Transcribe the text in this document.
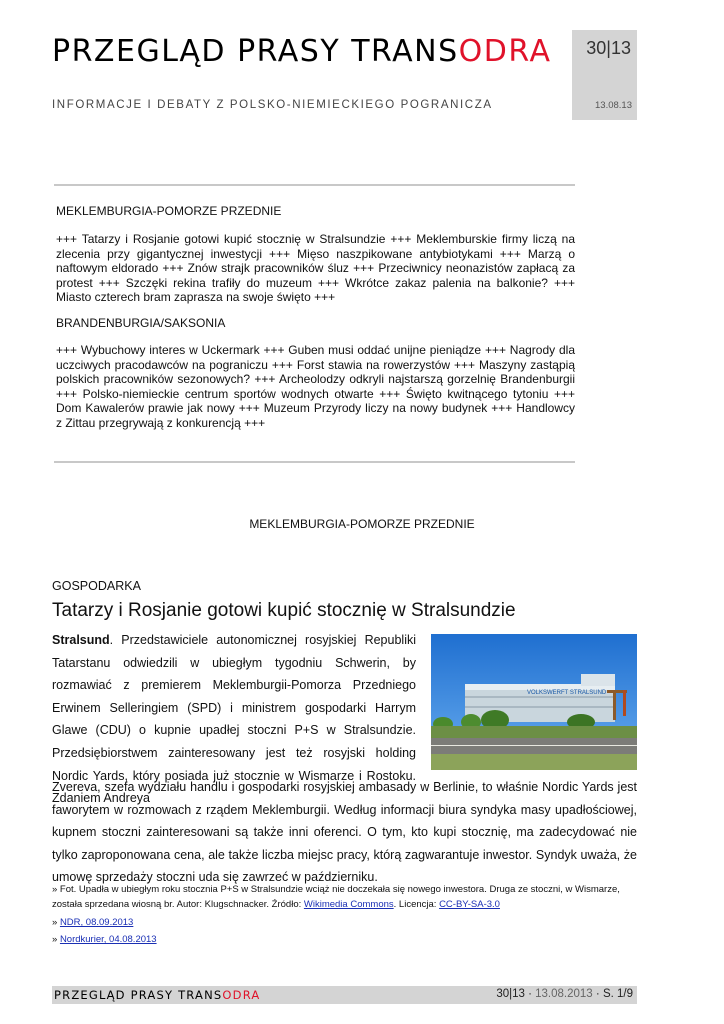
PRZEGLĄD PRASY TRANSODRA
INFORMACJE I DEBATY Z POLSKO-NIEMIECKIEGO POGRANICZA
30|13
13.08.13
MEKLEMBURGIA-POMORZE PRZEDNIE
+++ Tatarzy i Rosjanie gotowi kupić stocznię w Stralsundzie +++ Meklemburskie firmy liczą na zlecenia przy gigantycznej inwestycji +++ Mięso naszpikowane antybiotykami +++ Marzą o naftowym eldorado +++ Znów strajk pracowników śluz +++ Przeciwnicy neonazistów zapłacą za protest +++ Szczęki rekina trafiły do muzeum +++ Wkrótce zakaz palenia na balkonie? +++ Miasto czterech bram zaprasza na swoje święto +++
BRANDENBURGIA/SAKSONIA
+++ Wybuchowy interes w Uckermark +++ Guben musi oddać unijne pieniądze +++ Nagrody dla uczciwych pracodawców na pograniczu +++ Forst stawia na rowerzystów +++ Maszyny zastąpią polskich pracowników sezonowych? +++ Archeolodzy odkryli najstarszą gorzelnię Brandenburgii +++ Polsko-niemieckie centrum sportów wodnych otwarte +++ Święto kwitnącego tytoniu +++ Dom Kawalerów prawie jak nowy +++ Muzeum Przyrody liczy na nowy budynek +++ Handlowcy z Zittau przegrywają z konkurencją +++
MEKLEMBURGIA-POMORZE PRZEDNIE
GOSPODARKA
Tatarzy i Rosjanie gotowi kupić stocznię w Stralsundzie
Stralsund. Przedstawiciele autonomicznej rosyjskiej Republiki Tatarstanu odwiedzili w ubiegłym tygodniu Schwerin, by rozmawiać z premierem Meklemburgii-Pomorza Przedniego Erwinem Selleringiem (SPD) i ministrem gospodarki Harrym Glawe (CDU) o kupnie upadłej stoczni P+S w Stralsundzie. Przedsiębiorstwem zainteresowany jest też rosyjski holding Nordic Yards, który posiada już stocznie w Wismarze i Rostoku. Zdaniem Andreya
VOLKSWERFT STRALSUND
Zvereva, szefa wydziału handlu i gospodarki rosyjskiej ambasady w Berlinie, to właśnie Nordic Yards jest faworytem w rozmowach z rządem Meklemburgii. Według informacji biura syndyka masy upadłościowej, kupnem stoczni zainteresowani są także inni oferenci. O tym, kto kupi stocznię, ma zadecydować nie tylko zaproponowana cena, ale także liczba miejsc pracy, którą zagwarantuje inwestor. Syndyk uważa, że umowę sprzedaży stoczni uda się zawrzeć w październiku.
» Fot. Upadła w ubiegłym roku stocznia P+S w Stralsundzie wciąż nie doczekała się nowego inwestora. Druga ze stoczni, w Wismarze, została sprzedana wiosną br. Autor: Klugschnacker. Źródło: Wikimedia Commons. Licencja: CC-BY-SA-3.0
» NDR, 08.09.2013
» Nordkurier, 04.08.2013
PRZEGLĄD PRASY TRANSODRA	30|13 · 13.08.2013 · S. 1/9
